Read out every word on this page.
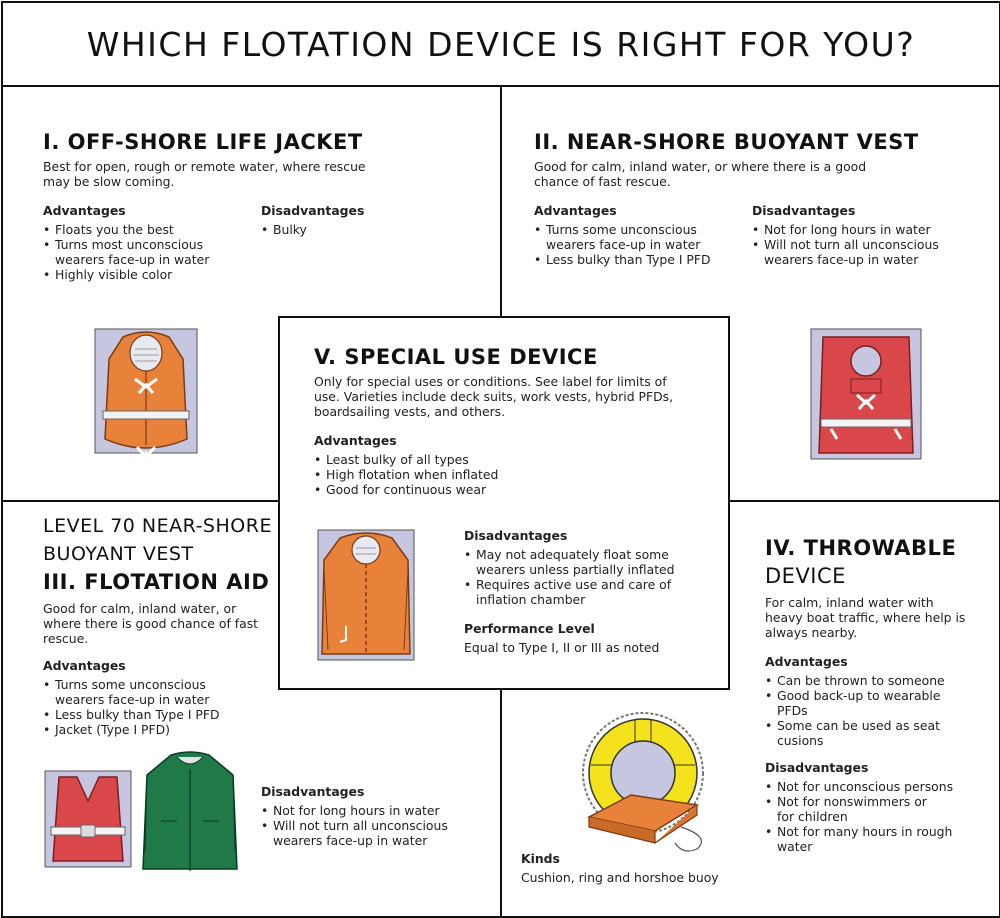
WHICH FLOTATION DEVICE IS RIGHT FOR YOU?
I. OFF-SHORE LIFE JACKET
Best for open, rough or remote water, where rescue may be slow coming.
Advantages
• Floats you the best
• Turns most unconscious wearers face-up in water
• Highly visible color
Disadvantages
• Bulky
II. NEAR-SHORE BUOYANT VEST
Good for calm, inland water, or where there is a good chance of fast rescue.
Advantages
• Turns some unconscious wearers face-up in water
• Less bulky than Type I PFD
Disadvantages
• Not for long hours in water
• Will not turn all unconscious wearers face-up in water
LEVEL 70 NEAR-SHORE
BUOYANT VEST
III. FLOTATION AID
Good for calm, inland water, or where there is good chance of fast rescue.
Advantages
• Turns some unconscious wearers face-up in water
• Less bulky than Type I PFD
• Jacket (Type I PFD)
Disadvantages
• Not for long hours in water
• Will not turn all unconscious wearers face-up in water
IV. THROWABLE
DEVICE
For calm, inland water with heavy boat traffic, where help is always nearby.
Advantages
• Can be thrown to someone
• Good back-up to wearable PFDs
• Some can be used as seat cusions
Disadvantages
• Not for unconscious persons
• Not for nonswimmers or for children
• Not for many hours in rough water
Kinds
Cushion, ring and horshoe buoy
V. SPECIAL USE DEVICE
Only for special uses or conditions. See label for limits of use. Varieties include deck suits, work vests, hybrid PFDs, boardsailing vests, and others.
Advantages
• Least bulky of all types
• High flotation when inflated
• Good for continuous wear
Disadvantages
• May not adequately float some wearers unless partially inflated
• Requires active use and care of inflation chamber
Performance Level
Equal to Type I, II or III as noted
